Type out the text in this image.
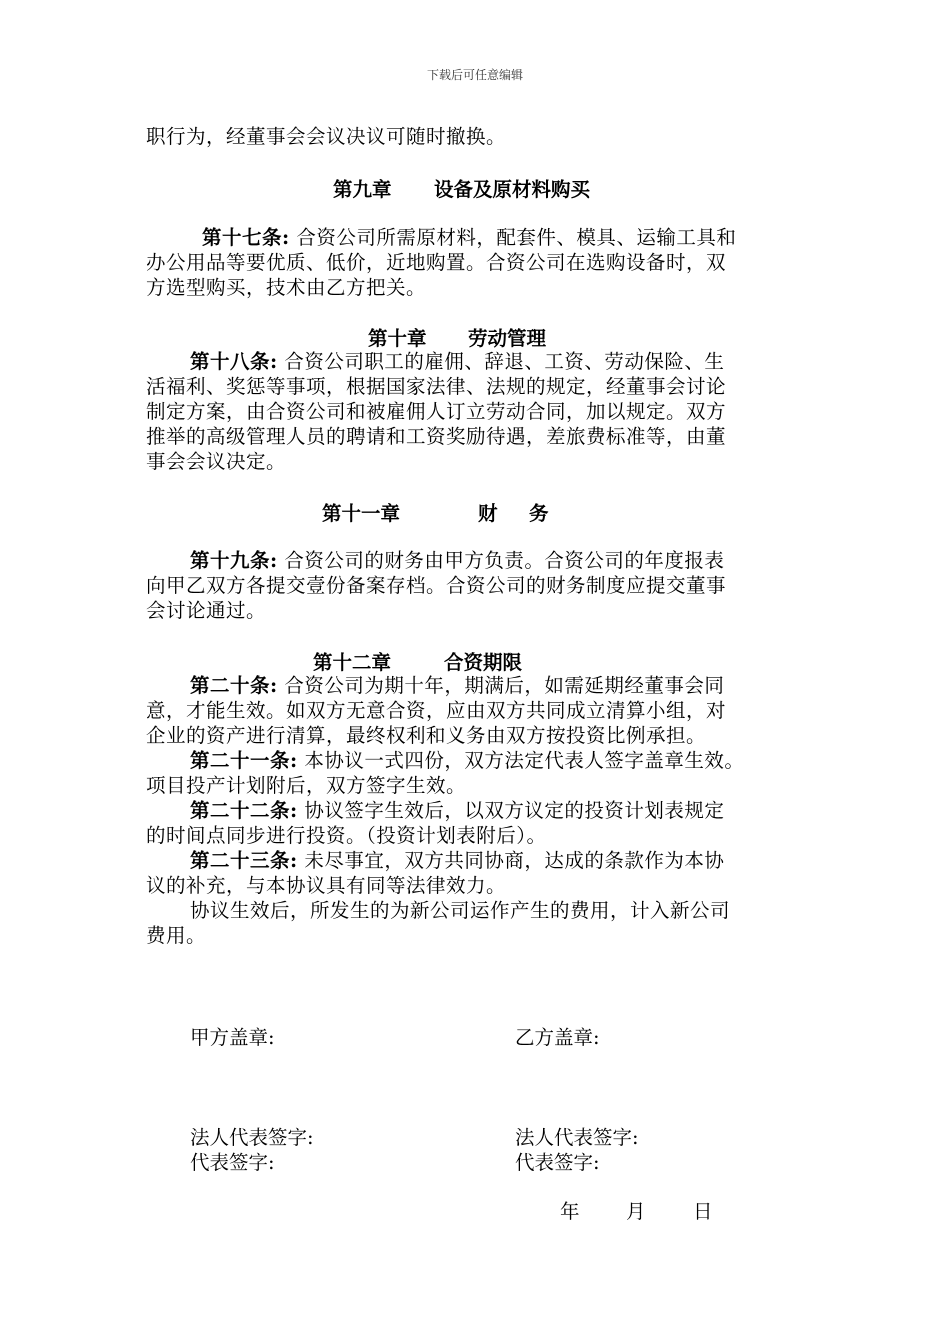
下载后可任意编辑
职行为，经董事会会议决议可随时撤换。
第九章 设备及原材料购买
第十七条: 合资公司所需原材料，配套件、模具、运输工具和
办公用品等要优质、低价，近地购置。合资公司在选购设备时，双
方选型购买，技术由乙方把关。
第十章 劳动管理
第十八条: 合资公司职工的雇佣、辞退、工资、劳动保险、生
活福利、奖惩等事项，根据国家法律、法规的规定，经董事会讨论
制定方案，由合资公司和被雇佣人订立劳动合同，加以规定。双方
推举的高级管理人员的聘请和工资奖励待遇，差旅费标准等，由董
事会会议决定。
第十一章	财　务
第十九条: 合资公司的财务由甲方负责。合资公司的年度报表
向甲乙双方各提交壹份备案存档。合资公司的财务制度应提交董事
会讨论通过。
第十二章	合资期限
第二十条: 合资公司为期十年，期满后，如需延期经董事会同
意，才能生效。如双方无意合资，应由双方共同成立清算小组，对
企业的资产进行清算，最终权利和义务由双方按投资比例承担。
第二十一条: 本协议一式四份，双方法定代表人签字盖章生效。
项目投产计划附后，双方签字生效。
第二十二条: 协议签字生效后，以双方议定的投资计划表规定
的时间点同步进行投资。（投资计划表附后）。
第二十三条: 未尽事宜，双方共同协商，达成的条款作为本协
议的补充，与本协议具有同等法律效力。
协议生效后，所发生的为新公司运作产生的费用，计入新公司
费用。
甲方盖章:	乙方盖章:
法人代表签字:	法人代表签字:
代表签字:	代表签字:
年 月 日
